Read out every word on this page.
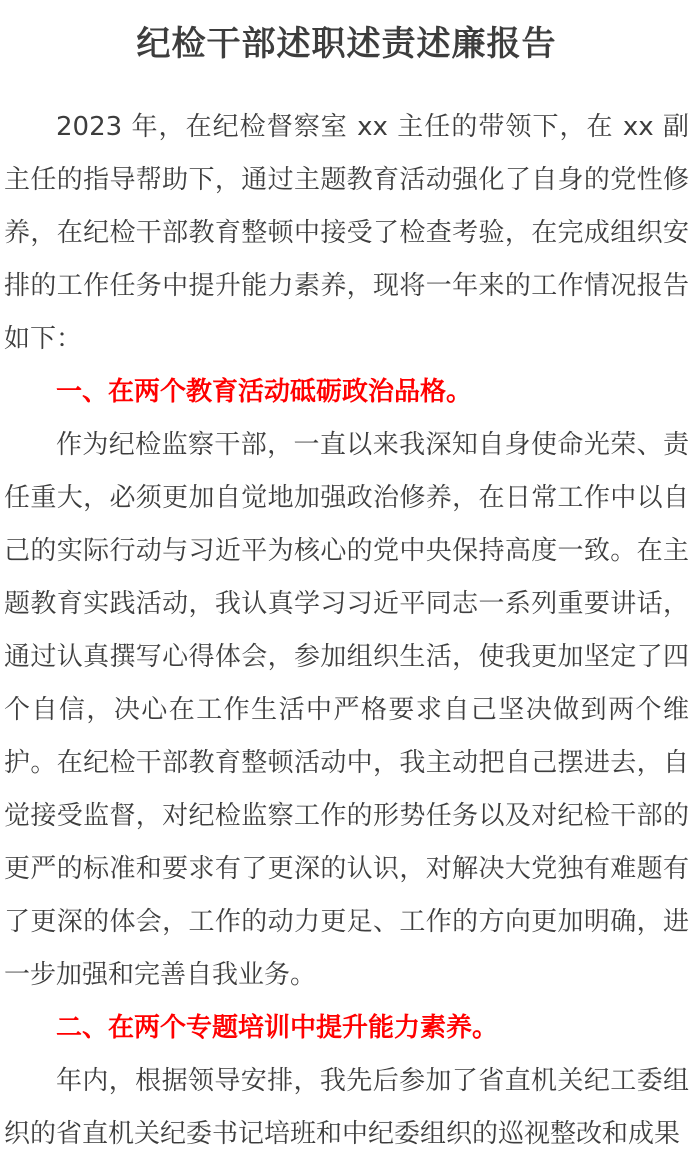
纪检干部述职述责述廉报告

2023 年，在纪检督察室 xx 主任的带领下，在 xx 副主任的指导帮助下，通过主题教育活动强化了自身的党性修养，在纪检干部教育整顿中接受了检查考验，在完成组织安排的工作任务中提升能力素养，现将一年来的工作情况报告如下：

一、在两个教育活动砥砺政治品格。

作为纪检监察干部，一直以来我深知自身使命光荣、责任重大，必须更加自觉地加强政治修养，在日常工作中以自己的实际行动与习近平为核心的党中央保持高度一致。在主题教育实践活动，我认真学习习近平同志一系列重要讲话，通过认真撰写心得体会，参加组织生活，使我更加坚定了四个自信，决心在工作生活中严格要求自己坚决做到两个维护。在纪检干部教育整顿活动中，我主动把自己摆进去，自觉接受监督，对纪检监察工作的形势任务以及对纪检干部的更严的标准和要求有了更深的认识，对解决大党独有难题有了更深的体会，工作的动力更足、工作的方向更加明确，进一步加强和完善自我业务。

二、在两个专题培训中提升能力素养。

年内，根据领导安排，我先后参加了省直机关纪工委组织的省直机关纪委书记培班和中纪委组织的巡视整改和成果
